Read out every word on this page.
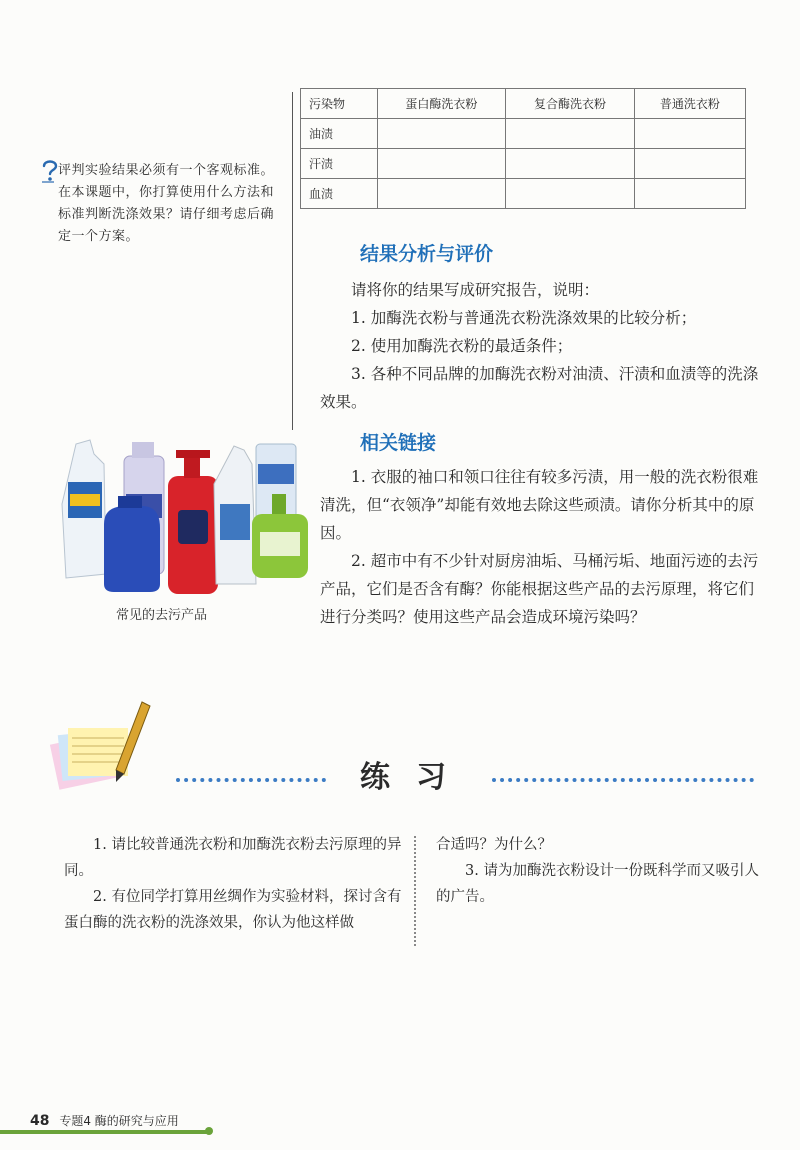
评判实验结果必须有一个客观标准。在本课题中，你打算使用什么方法和标准判断洗涤效果？请仔细考虑后确定一个方案。
污染物	蛋白酶洗衣粉	复合酶洗衣粉	普通洗衣粉
油渍			
汗渍			
血渍			
结果分析与评价
请将你的结果写成研究报告，说明：
1. 加酶洗衣粉与普通洗衣粉洗涤效果的比较分析；
2. 使用加酶洗衣粉的最适条件；
3. 各种不同品牌的加酶洗衣粉对油渍、汗渍和血渍等的洗涤效果。
相关链接
1. 衣服的袖口和领口往往有较多污渍，用一般的洗衣粉很难清洗，但“衣领净”却能有效地去除这些顽渍。请你分析其中的原因。
2. 超市中有不少针对厨房油垢、马桶污垢、地面污迹的去污产品，它们是否含有酶？你能根据这些产品的去污原理，将它们进行分类吗？使用这些产品会造成环境污染吗？
常见的去污产品
练习
1. 请比较普通洗衣粉和加酶洗衣粉去污原理的异同。
2. 有位同学打算用丝绸作为实验材料，探讨含有蛋白酶的洗衣粉的洗涤效果，你认为他这样做
合适吗？为什么？
3. 请为加酶洗衣粉设计一份既科学而又吸引人的广告。
48 专题4 酶的研究与应用
